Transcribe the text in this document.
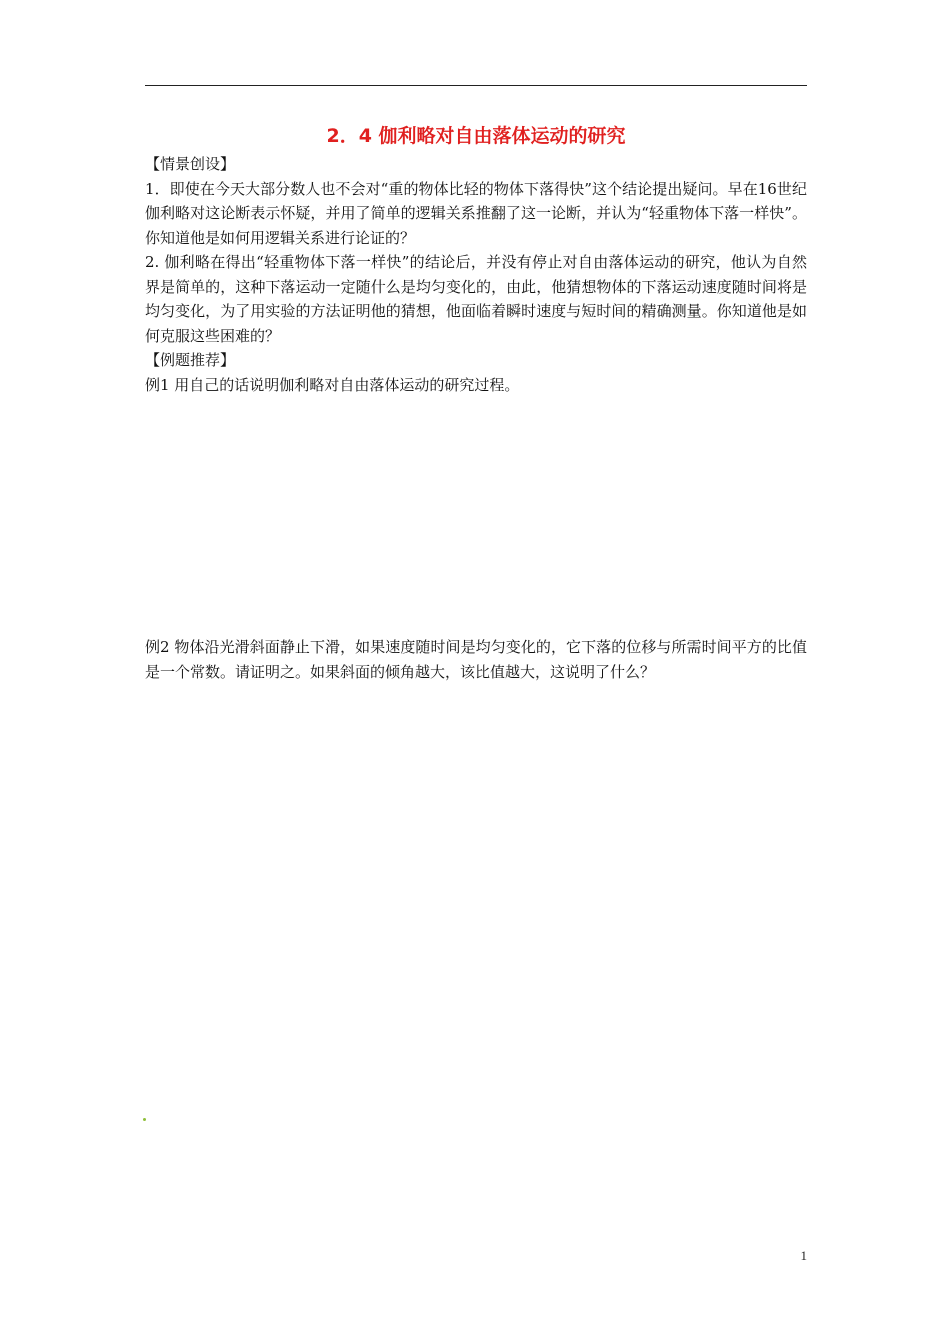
2．4 伽利略对自由落体运动的研究

【情景创设】

1．即使在今天大部分数人也不会对“重的物体比轻的物体下落得快”这个结论提出疑问。早在16世纪伽利略对这论断表示怀疑，并用了简单的逻辑关系推翻了这一论断，并认为“轻重物体下落一样快”。你知道他是如何用逻辑关系进行论证的？

2. 伽利略在得出“轻重物体下落一样快”的结论后，并没有停止对自由落体运动的研究，他认为自然界是简单的，这种下落运动一定随什么是均匀变化的，由此，他猜想物体的下落运动速度随时间将是均匀变化，为了用实验的方法证明他的猜想，他面临着瞬时速度与短时间的精确测量。你知道他是如何克服这些困难的？

【例题推荐】

例1 用自己的话说明伽利略对自由落体运动的研究过程。

例2 物体沿光滑斜面静止下滑，如果速度随时间是均匀变化的，它下落的位移与所需时间平方的比值是一个常数。请证明之。如果斜面的倾角越大，该比值越大，这说明了什么？

1
